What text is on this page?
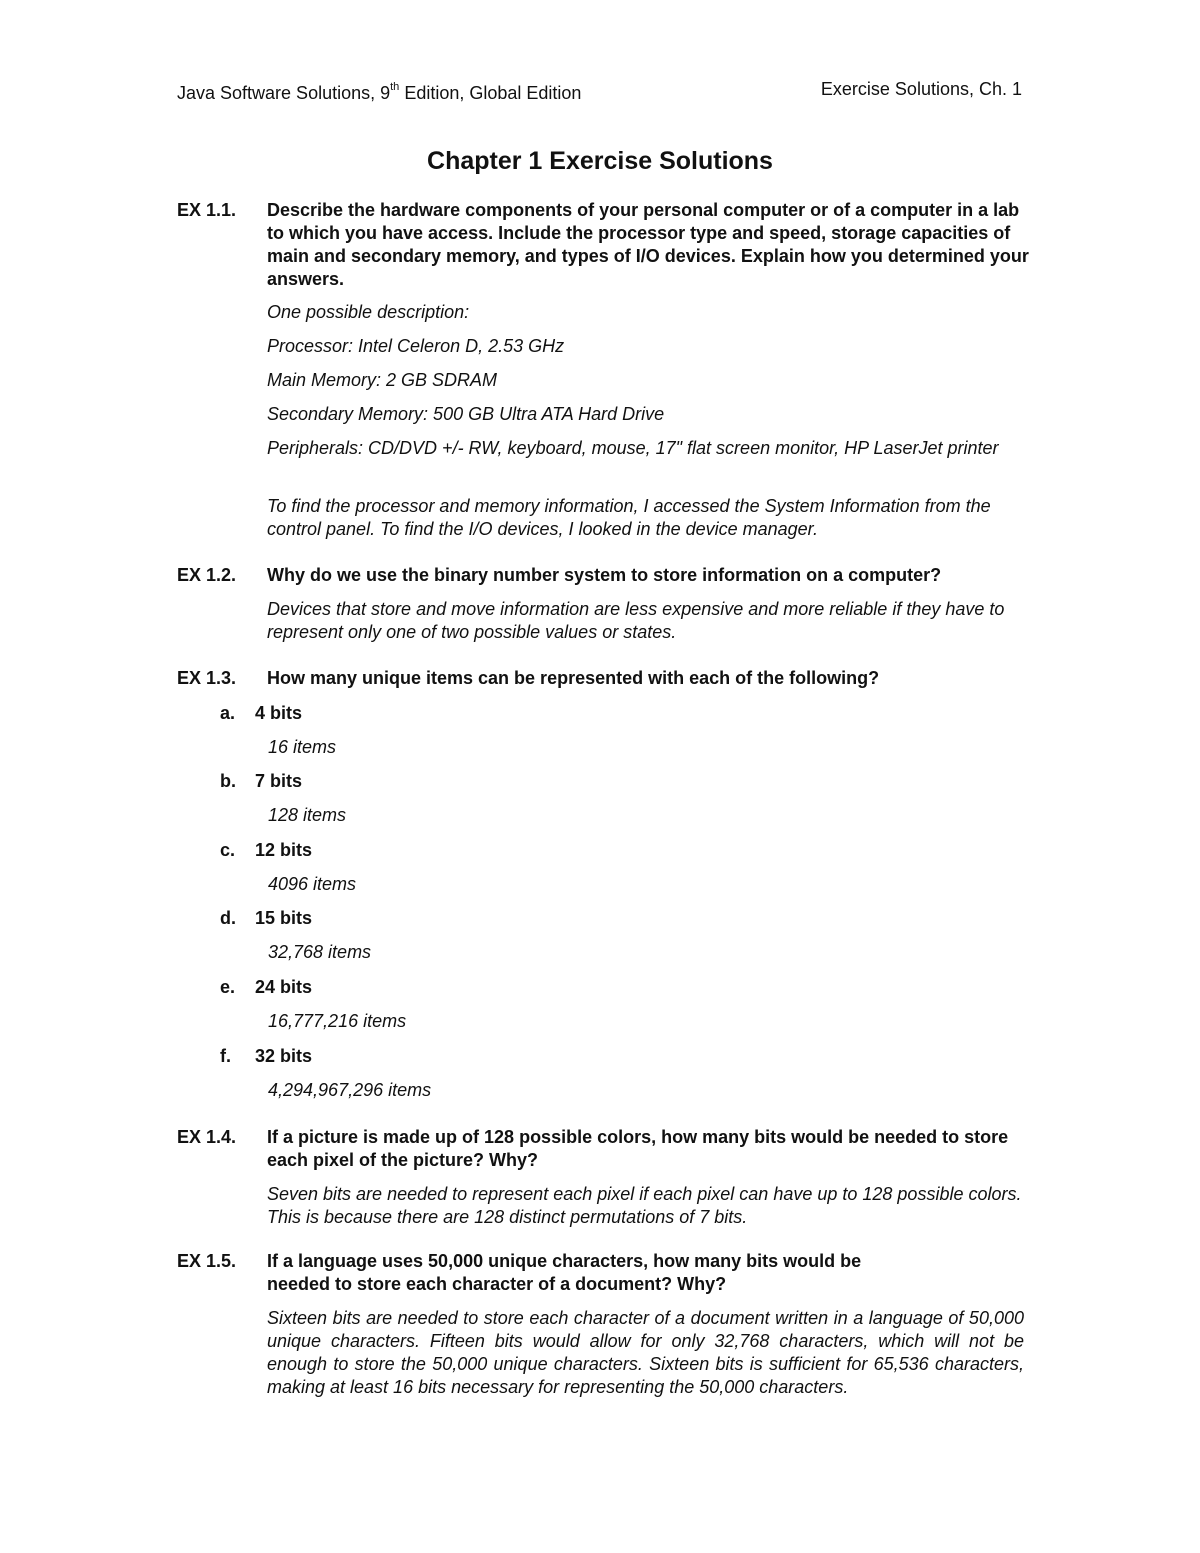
Java Software Solutions, 9th Edition, Global Edition	Exercise Solutions, Ch. 1
Chapter 1 Exercise Solutions
EX 1.1. Describe the hardware components of your personal computer or of a computer in a lab to which you have access. Include the processor type and speed, storage capacities of main and secondary memory, and types of I/O devices. Explain how you determined your answers.
One possible description:
Processor: Intel Celeron D, 2.53 GHz
Main Memory: 2 GB SDRAM
Secondary Memory: 500 GB Ultra ATA Hard Drive
Peripherals: CD/DVD +/- RW, keyboard, mouse, 17" flat screen monitor, HP LaserJet printer
To find the processor and memory information, I accessed the System Information from the control panel. To find the I/O devices, I looked in the device manager.
EX 1.2. Why do we use the binary number system to store information on a computer?
Devices that store and move information are less expensive and more reliable if they have to represent only one of two possible values or states.
EX 1.3. How many unique items can be represented with each of the following?
a. 4 bits
16 items
b. 7 bits
128 items
c. 12 bits
4096 items
d. 15 bits
32,768 items
e. 24 bits
16,777,216 items
f. 32 bits
4,294,967,296 items
EX 1.4. If a picture is made up of 128 possible colors, how many bits would be needed to store each pixel of the picture? Why?
Seven bits are needed to represent each pixel if each pixel can have up to 128 possible colors. This is because there are 128 distinct permutations of 7 bits.
EX 1.5. If a language uses 50,000 unique characters, how many bits would be
needed to store each character of a document? Why?
Sixteen bits are needed to store each character of a document written in a language of 50,000 unique characters. Fifteen bits would allow for only 32,768 characters, which will not be enough to store the 50,000 unique characters. Sixteen bits is sufficient for 65,536 characters, making at least 16 bits necessary for representing the 50,000 characters.
